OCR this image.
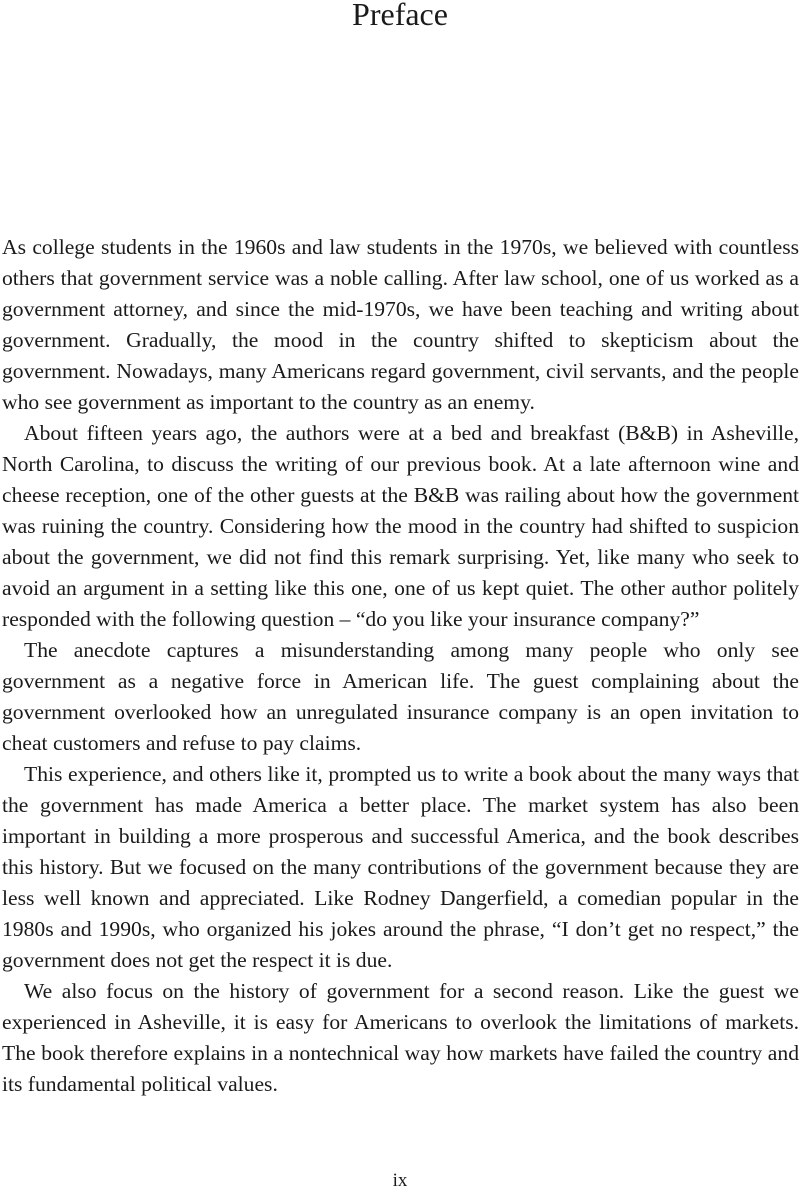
Preface

As college students in the 1960s and law students in the 1970s, we believed with countless others that government service was a noble calling. After law school, one of us worked as a government attorney, and since the mid-1970s, we have been teaching and writing about government. Gradually, the mood in the country shifted to skepticism about the government. Nowadays, many Americans regard government, civil servants, and the people who see government as important to the country as an enemy.

About fifteen years ago, the authors were at a bed and breakfast (B&B) in Asheville, North Carolina, to discuss the writing of our previous book. At a late afternoon wine and cheese reception, one of the other guests at the B&B was railing about how the government was ruining the country. Considering how the mood in the country had shifted to suspicion about the government, we did not find this remark surprising. Yet, like many who seek to avoid an argument in a setting like this one, one of us kept quiet. The other author politely responded with the following question – “do you like your insurance company?”

The anecdote captures a misunderstanding among many people who only see government as a negative force in American life. The guest complaining about the government overlooked how an unregulated insurance company is an open invitation to cheat customers and refuse to pay claims.

This experience, and others like it, prompted us to write a book about the many ways that the government has made America a better place. The market system has also been important in building a more prosperous and successful America, and the book describes this history. But we focused on the many contributions of the government because they are less well known and appreciated. Like Rodney Dangerfield, a comedian popular in the 1980s and 1990s, who organized his jokes around the phrase, “I don’t get no respect,” the government does not get the respect it is due.

We also focus on the history of government for a second reason. Like the guest we experienced in Asheville, it is easy for Americans to overlook the limitations of markets. The book therefore explains in a nontechnical way how markets have failed the country and its fundamental political values.

ix
